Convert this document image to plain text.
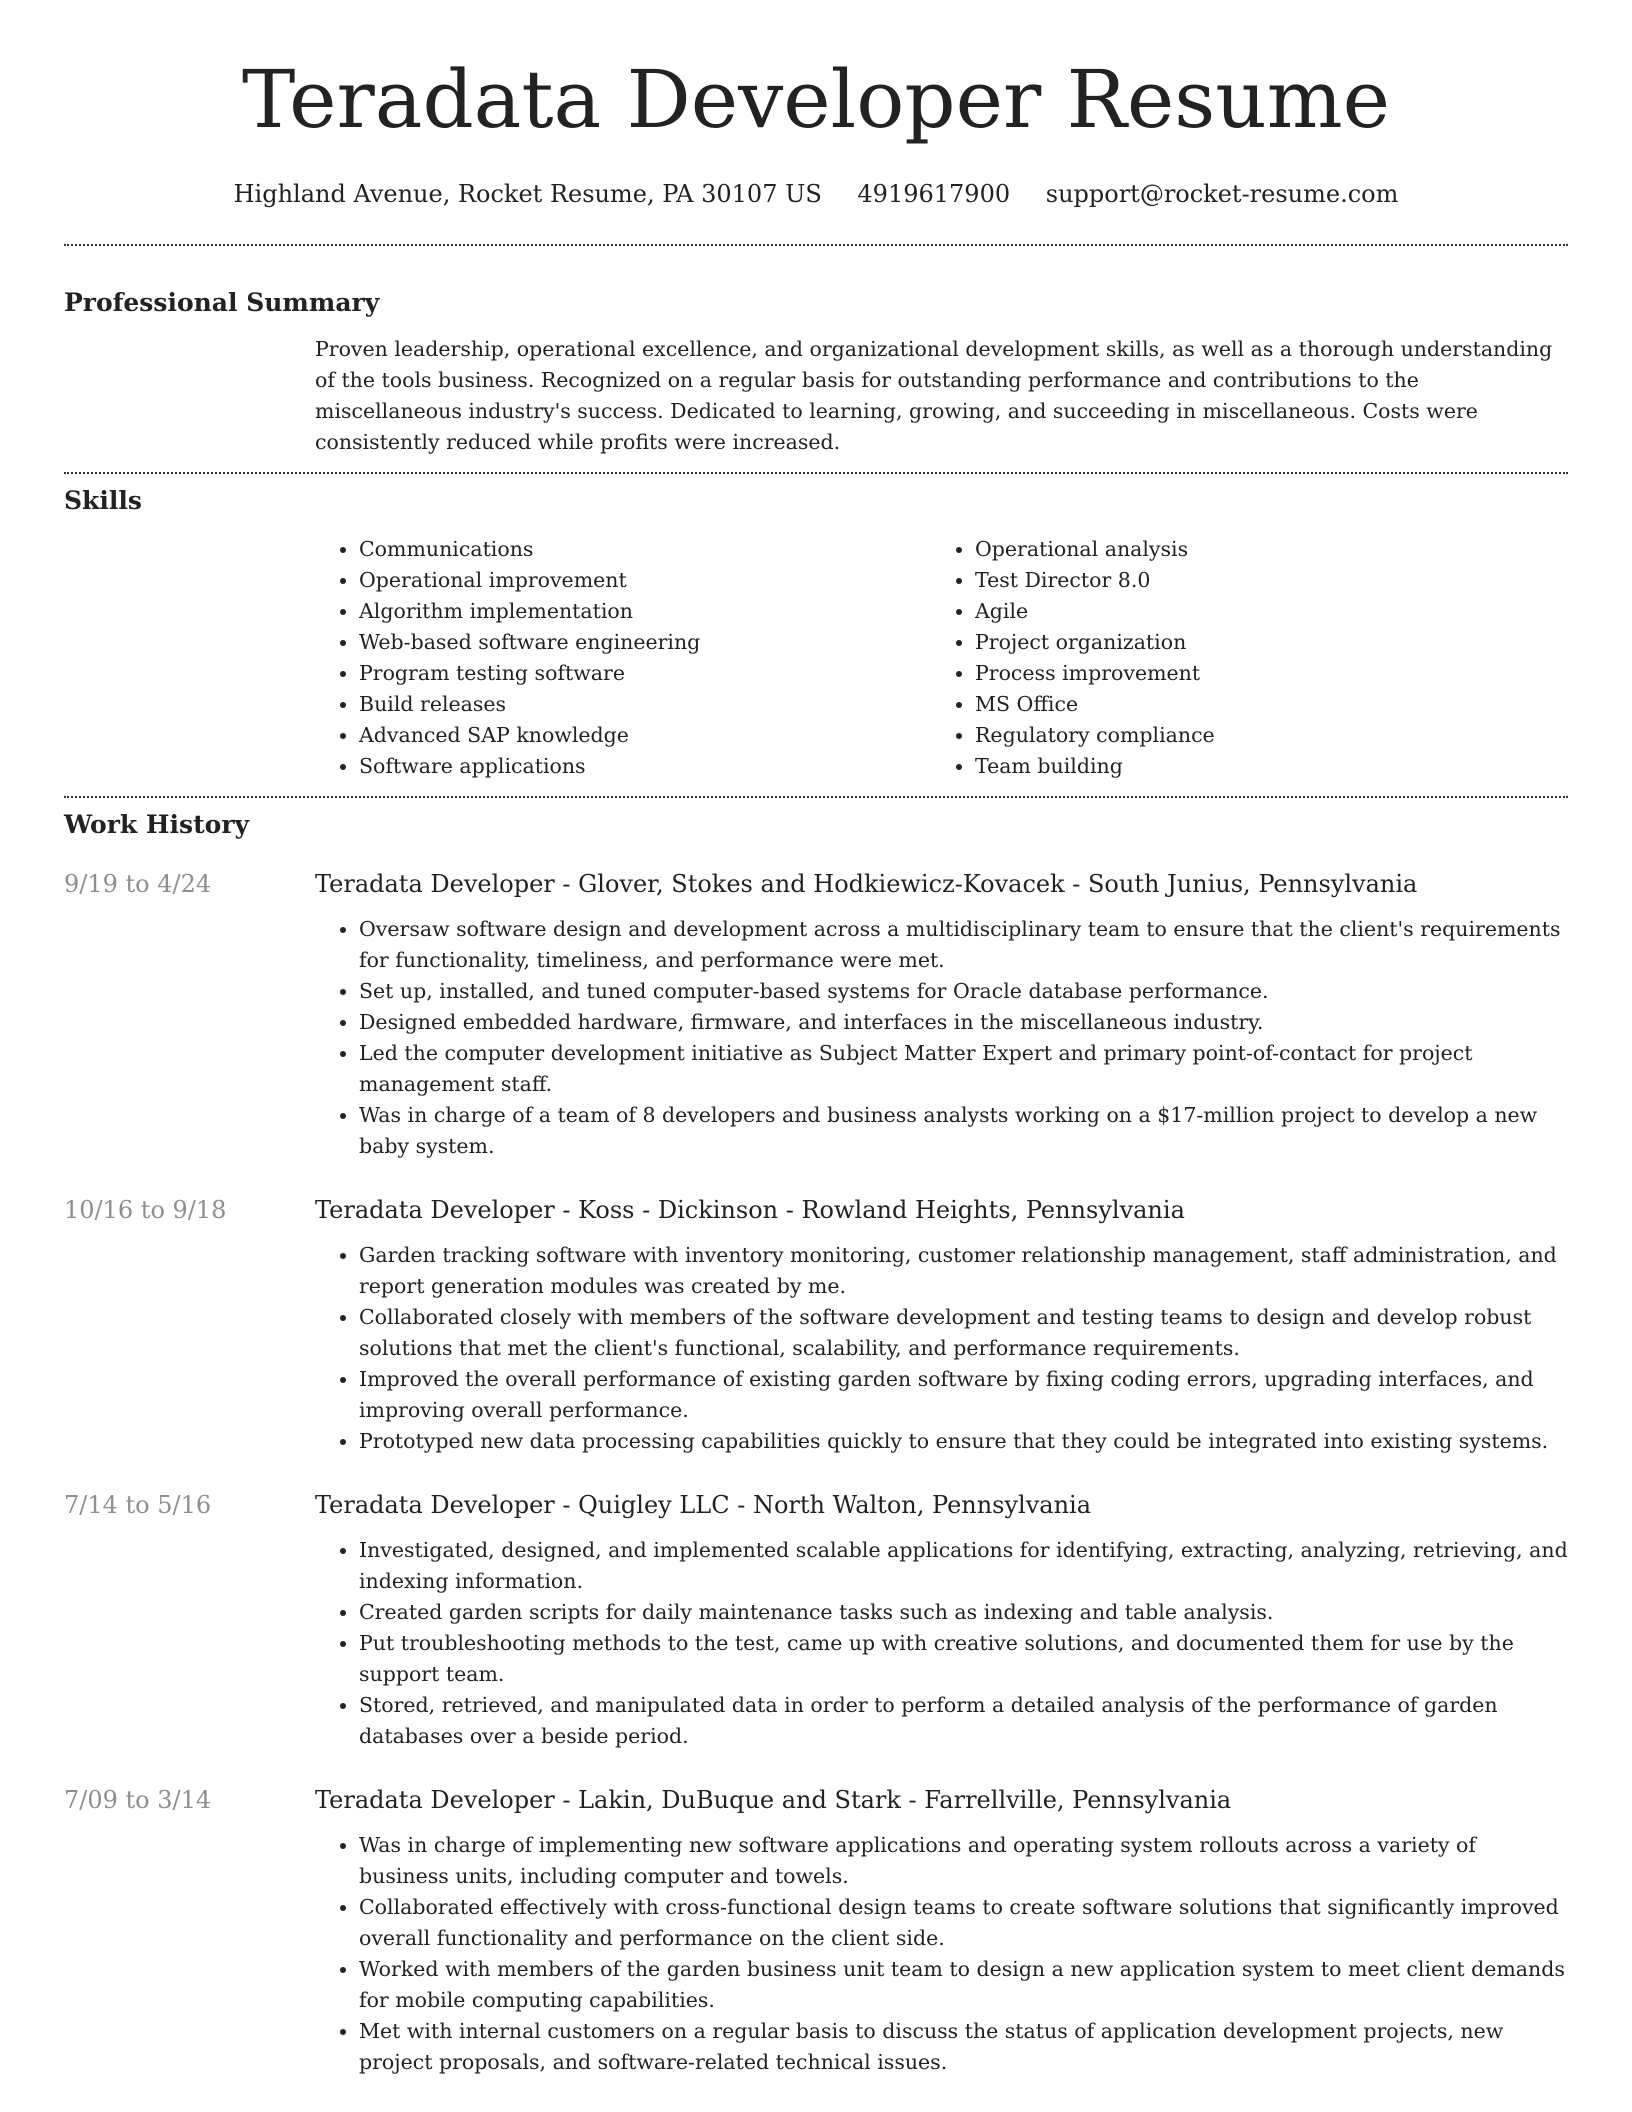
Teradata Developer Resume
Highland Avenue, Rocket Resume, PA 30107 US 4919617900 support@rocket-resume.com
Professional Summary

Proven leadership, operational excellence, and organizational development skills, as well as a thorough understanding of the tools business. Recognized on a regular basis for outstanding performance and contributions to the miscellaneous industry's success. Dedicated to learning, growing, and succeeding in miscellaneous. Costs were consistently reduced while profits were increased.

Skills
• Communications
• Operational improvement
• Algorithm implementation
• Web-based software engineering
• Program testing software
• Build releases
• Advanced SAP knowledge
• Software applications
• Operational analysis
• Test Director 8.0
• Agile
• Project organization
• Process improvement
• MS Office
• Regulatory compliance
• Team building
Work History
9/19 to 4/24	Teradata Developer - Glover, Stokes and Hodkiewicz-Kovacek - South Junius, Pennsylvania
• Oversaw software design and development across a multidisciplinary team to ensure that the client's requirements for functionality, timeliness, and performance were met.
• Set up, installed, and tuned computer-based systems for Oracle database performance.
• Designed embedded hardware, firmware, and interfaces in the miscellaneous industry.
• Led the computer development initiative as Subject Matter Expert and primary point-of-contact for project management staff.
• Was in charge of a team of 8 developers and business analysts working on a $17-million project to develop a new baby system.
10/16 to 9/18	Teradata Developer - Koss - Dickinson - Rowland Heights, Pennsylvania
• Garden tracking software with inventory monitoring, customer relationship management, staff administration, and report generation modules was created by me.
• Collaborated closely with members of the software development and testing teams to design and develop robust solutions that met the client's functional, scalability, and performance requirements.
• Improved the overall performance of existing garden software by fixing coding errors, upgrading interfaces, and improving overall performance.
• Prototyped new data processing capabilities quickly to ensure that they could be integrated into existing systems.
7/14 to 5/16	Teradata Developer - Quigley LLC - North Walton, Pennsylvania
• Investigated, designed, and implemented scalable applications for identifying, extracting, analyzing, retrieving, and indexing information.
• Created garden scripts for daily maintenance tasks such as indexing and table analysis.
• Put troubleshooting methods to the test, came up with creative solutions, and documented them for use by the support team.
• Stored, retrieved, and manipulated data in order to perform a detailed analysis of the performance of garden databases over a beside period.
7/09 to 3/14	Teradata Developer - Lakin, DuBuque and Stark - Farrellville, Pennsylvania
• Was in charge of implementing new software applications and operating system rollouts across a variety of business units, including computer and towels.
• Collaborated effectively with cross-functional design teams to create software solutions that significantly improved overall functionality and performance on the client side.
• Worked with members of the garden business unit team to design a new application system to meet client demands for mobile computing capabilities.
• Met with internal customers on a regular basis to discuss the status of application development projects, new project proposals, and software-related technical issues.
